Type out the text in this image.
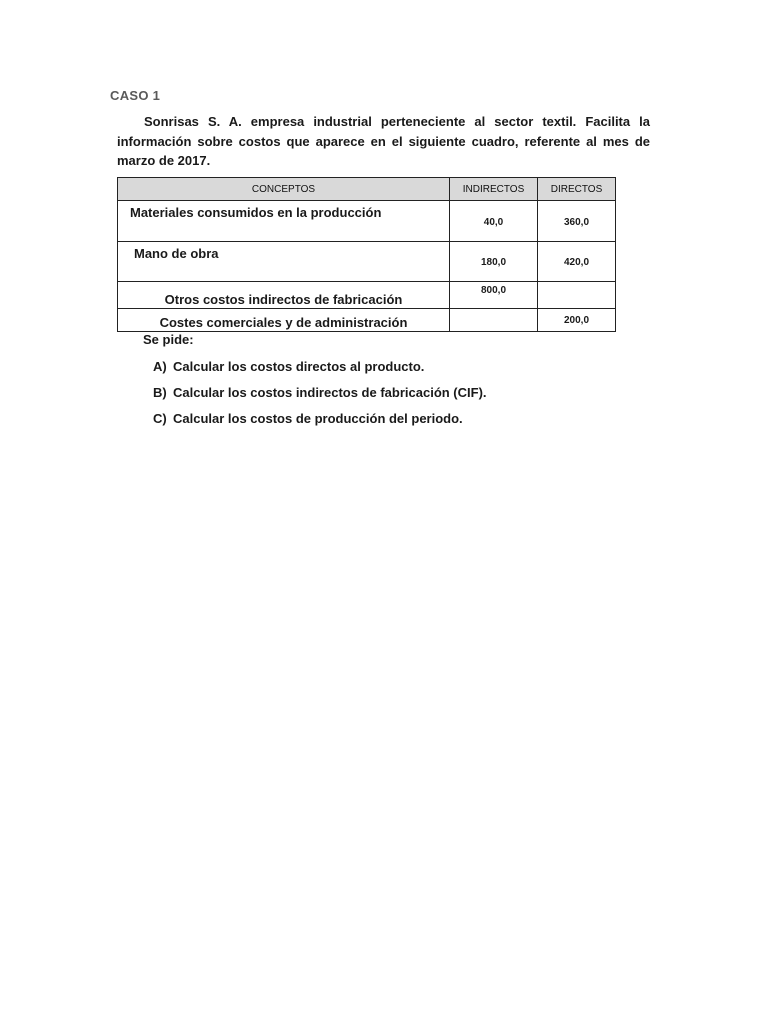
CASO 1

Sonrisas S. A. empresa industrial perteneciente al sector textil. Facilita la información sobre costos que aparece en el siguiente cuadro, referente al mes de marzo de 2017.

CONCEPTOS	INDIRECTOS	DIRECTOS
Materiales consumidos en la producción	40,0	360,0
Mano de obra	180,0	420,0
Otros costos indirectos de fabricación	800,0	
Costes comerciales y de administración		200,0
Se pide:
A) Calcular los costos directos al producto.
B) Calcular los costos indirectos de fabricación (CIF).
C) Calcular los costos de producción del periodo.
